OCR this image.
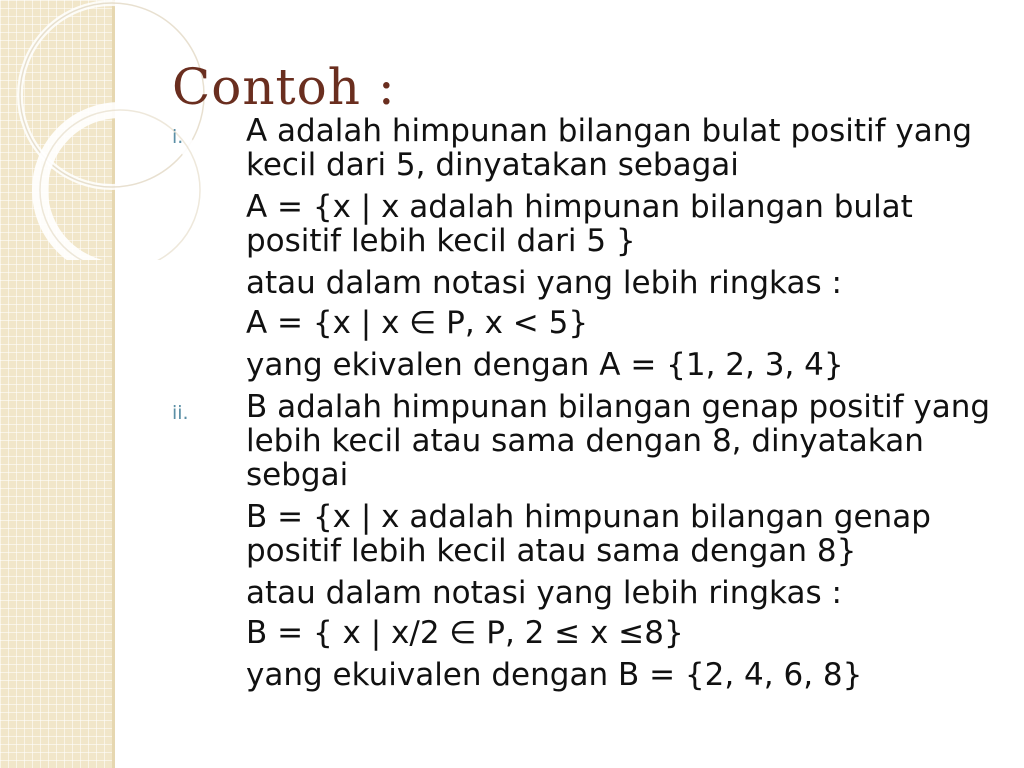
Contoh :
i. A adalah himpunan bilangan bulat positif yang kecil dari 5, dinyatakan sebagai
A = {x | x adalah himpunan bilangan bulat positif lebih kecil dari 5 }
atau dalam notasi yang lebih ringkas :
A = {x | x ∈ P, x < 5}
yang ekivalen dengan A = {1, 2, 3, 4}
ii. B adalah himpunan bilangan genap positif yang lebih kecil atau sama dengan 8, dinyatakan sebgai
B = {x | x adalah himpunan bilangan genap positif lebih kecil atau sama dengan 8}
atau dalam notasi yang lebih ringkas :
B = { x | x/2 ∈ P, 2 ≤ x ≤8}
yang ekuivalen dengan B = {2, 4, 6, 8}
